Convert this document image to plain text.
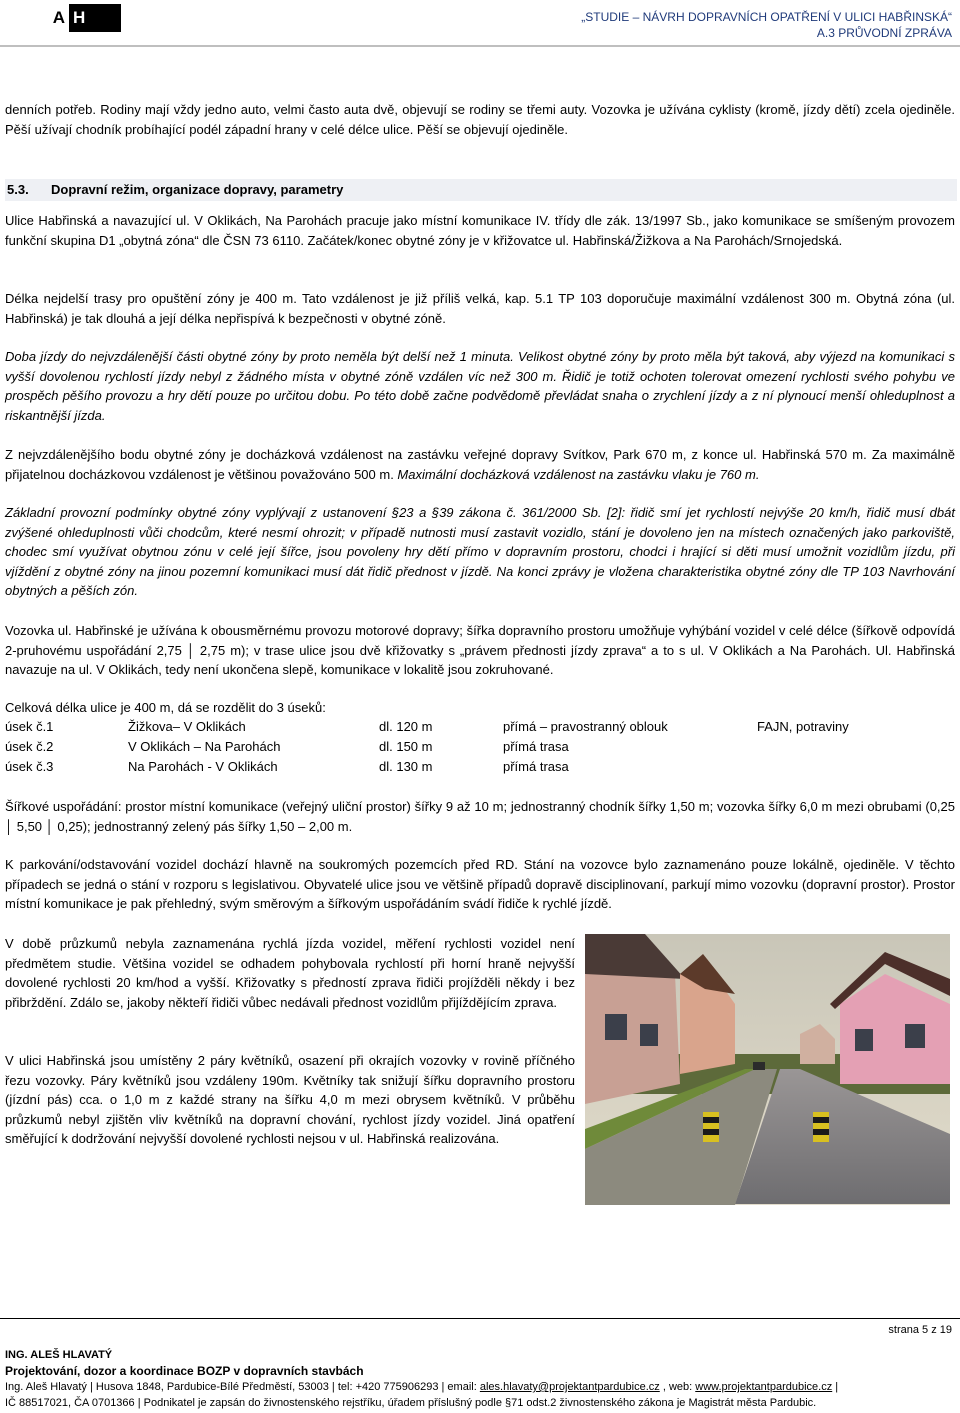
A H	„STUDIE – NÁVRH DOPRAVNÍCH OPATŘENÍ V ULICI HABŘINSKÁ“
A.3 PRŮVODNÍ ZPRÁVA
denních potřeb. Rodiny mají vždy jedno auto, velmi často auta dvě, objevují se rodiny se třemi auty. Vozovka je užívána cyklisty (kromě, jízdy dětí) zcela ojediněle. Pěší užívají chodník probíhající podél západní hrany v celé délce ulice. Pěší se objevují ojediněle.
5.3. Dopravní režim, organizace dopravy, parametry
Ulice Habřinská a navazující ul. V Oklikách, Na Parohách pracuje jako místní komunikace IV. třídy dle zák. 13/1997 Sb., jako komunikace se smíšeným provozem funkční skupina D1 „obytná zóna“ dle ČSN 73 6110. Začátek/konec obytné zóny je v křižovatce ul. Habřinská/Žižkova a Na Parohách/Srnojedská.
Délka nejdelší trasy pro opuštění zóny je 400 m. Tato vzdálenost je již příliš velká, kap. 5.1 TP 103 doporučuje maximální vzdálenost 300 m. Obytná zóna (ul. Habřinská) je tak dlouhá a její délka nepřispívá k bezpečnosti v obytné zóně.
Doba jízdy do nejvzdálenější části obytné zóny by proto neměla být delší než 1 minuta. Velikost obytné zóny by proto měla být taková, aby výjezd na komunikaci s vyšší dovolenou rychlostí jízdy nebyl z žádného místa v obytné zóně vzdálen víc než 300 m. Řidič je totiž ochoten tolerovat omezení rychlosti svého pohybu ve prospěch pěšího provozu a hry dětí pouze po určitou dobu. Po této době začne podvědomě převládat snaha o zrychlení jízdy a z ní plynoucí menší ohleduplnost a riskantnější jízda.
Z nejvzdálenějšího bodu obytné zóny je docházková vzdálenost na zastávku veřejné dopravy Svítkov, Park 670 m, z konce ul. Habřinská 570 m. Za maximálně přijatelnou docházkovou vzdálenost je většinou považováno 500 m. Maximální docházková vzdálenost na zastávku vlaku je 760 m.
Základní provozní podmínky obytné zóny vyplývají z ustanovení §23 a §39 zákona č. 361/2000 Sb. [2]: řidič smí jet rychlostí nejvýše 20 km/h, řidič musí dbát zvýšené ohleduplnosti vůči chodcům, které nesmí ohrozit; v případě nutnosti musí zastavit vozidlo, stání je dovoleno jen na místech označených jako parkoviště, chodec smí využívat obytnou zónu v celé její šířce, jsou povoleny hry dětí přímo v dopravním prostoru, chodci i hrající si děti musí umožnit vozidlům jízdu, při vjíždění z obytné zóny na jinou pozemní komunikaci musí dát řidič přednost v jízdě. Na konci zprávy je vložena charakteristika obytné zóny dle TP 103 Navrhování obytných a pěších zón.
Vozovka ul. Habřinské je užívána k obousměrnému provozu motorové dopravy; šířka dopravního prostoru umožňuje vyhýbání vozidel v celé délce (šířkově odpovídá 2-pruhovému uspořádání 2,75 │ 2,75 m); v trase ulice jsou dvě křižovatky s „právem přednosti jízdy zprava“ a to s ul. V Oklikách a Na Parohách. Ul. Habřinská navazuje na ul. V Oklikách, tedy není ukončena slepě, komunikace v lokalitě jsou zokruhované.
Celková délka ulice je 400 m, dá se rozdělit do 3 úseků:
úsek č.1	Žižkova– V Oklikách	dl. 120 m	přímá – pravostranný oblouk	FAJN, potraviny
úsek č.2	V Oklikách – Na Parohách	dl. 150 m	přímá trasa	
úsek č.3	Na Parohách - V Oklikách	dl. 130 m	přímá trasa	
Šířkové uspořádání: prostor místní komunikace (veřejný uliční prostor) šířky 9 až 10 m; jednostranný chodník šířky 1,50 m; vozovka šířky 6,0 m mezi obrubami (0,25 │ 5,50 │ 0,25); jednostranný zelený pás šířky 1,50 – 2,00 m.
K parkování/odstavování vozidel dochází hlavně na soukromých pozemcích před RD. Stání na vozovce bylo zaznamenáno pouze lokálně, ojediněle. V těchto případech se jedná o stání v rozporu s legislativou. Obyvatelé ulice jsou ve většině případů dopravě disciplinovaní, parkují mimo vozovku (dopravní prostor). Prostor místní komunikace je pak přehledný, svým směrovým a šířkovým uspořádáním svádí řidiče k rychlé jízdě.
V době průzkumů nebyla zaznamenána rychlá jízda vozidel, měření rychlosti vozidel není předmětem studie. Většina vozidel se odhadem pohybovala rychlostí při horní hraně nejvyšší dovolené rychlosti 20 km/hod a vyšší. Křižovatky s předností zprava řidiči projížděli někdy i bez přibrždění. Zdálo se, jakoby někteří řidiči vůbec nedávali přednost vozidlům přijíždějícím zprava.
V ulici Habřinská jsou umístěny 2 páry květníků, osazení při okrajích vozovky v rovině příčného řezu vozovky. Páry květníků jsou vzdáleny 190m. Květníky tak snižují šířku dopravního prostoru (jízdní pás) cca. o 1,0 m z každé strany na šířku 4,0 m mezi obrysem květníků. V průběhu průzkumů nebyl zjištěn vliv květníků na dopravní chování, rychlost jízdy vozidel. Jiná opatření směřující k dodržování nejvyšší dovolené rychlosti nejsou v ul. Habřinská realizována.
strana 5 z 19
ING. ALEŠ HLAVATÝ
Projektování, dozor a koordinace BOZP v dopravních stavbách
Ing. Aleš Hlavatý | Husova 1848, Pardubice-Bílé Předměstí, 53003 | tel: +420 775906293 | email: ales.hlavaty@projektantpardubice.cz , web: www.projektantpardubice.cz |
IČ 88517021, ČA 0701366 | Podnikatel je zapsán do živnostenského rejstříku, úřadem příslušný podle §71 odst.2 živnostenského zákona je Magistrát města Pardubic.
